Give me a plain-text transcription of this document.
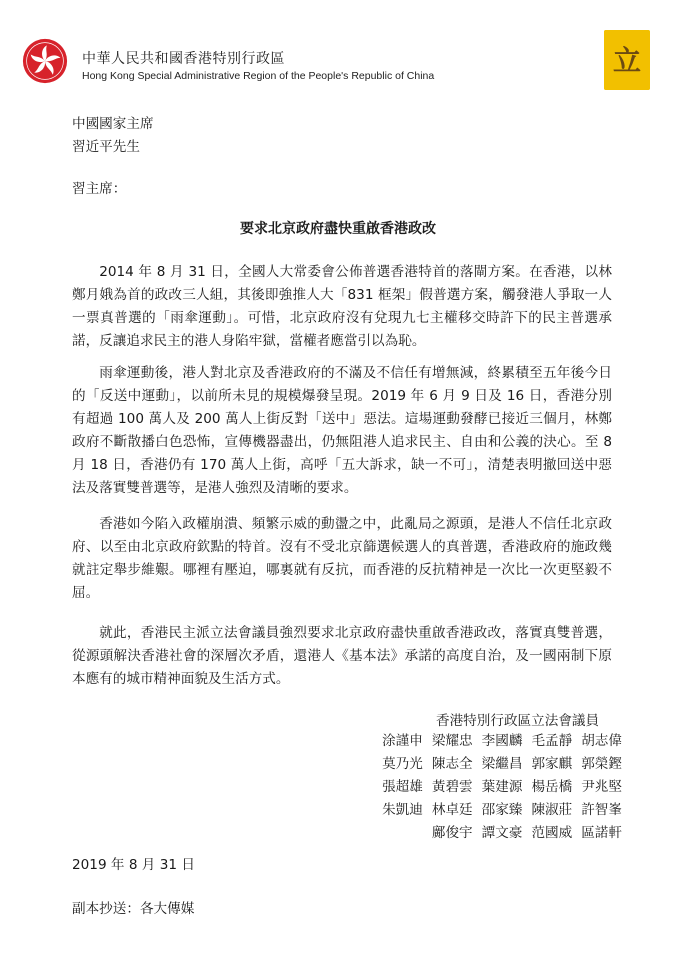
中華人民共和國香港特別行政區
Hong Kong Special Administrative Region of the People's Republic of China	立
中國國家主席
習近平先生
習主席：
要求北京政府盡快重啟香港政改
2014 年 8 月 31 日，全國人大常委會公佈普選香港特首的落閘方案。在香港，以林鄭月娥為首的政改三人組，其後即強推人大「831 框架」假普選方案，觸發港人爭取一人一票真普選的「雨傘運動」。可惜，北京政府沒有兌現九七主權移交時許下的民主普選承諾，反讓追求民主的港人身陷牢獄，當權者應當引以為恥。
雨傘運動後，港人對北京及香港政府的不滿及不信任有增無減，終累積至五年後今日的「反送中運動」，以前所未見的規模爆發呈現。2019 年 6 月 9 日及 16 日，香港分別有超過 100 萬人及 200 萬人上街反對「送中」惡法。這場運動發酵已接近三個月，林鄭政府不斷散播白色恐怖，宣傳機器盡出，仍無阻港人追求民主、自由和公義的決心。至 8 月 18 日，香港仍有 170 萬人上街，高呼「五大訴求，缺一不可」，清楚表明撤回送中惡法及落實雙普選等，是港人強烈及清晰的要求。
香港如今陷入政權崩潰、頻繁示威的動盪之中，此亂局之源頭，是港人不信任北京政府、以至由北京政府欽點的特首。沒有不受北京篩選候選人的真普選，香港政府的施政幾就註定舉步維艱。哪裡有壓迫，哪裏就有反抗，而香港的反抗精神是一次比一次更堅毅不屈。
就此，香港民主派立法會議員強烈要求北京政府盡快重啟香港政改，落實真雙普選，從源頭解決香港社會的深層次矛盾，還港人《基本法》承諾的高度自治，及一國兩制下原本應有的城市精神面貌及生活方式。
香港特別行政區立法會議員
涂謹申 梁耀忠 李國麟 毛孟靜 胡志偉
莫乃光 陳志全 梁繼昌 郭家麒 郭榮鏗
張超雄 黃碧雲 葉建源 楊岳橋 尹兆堅
朱凱迪 林卓廷 邵家臻 陳淑莊 許智峯
鄺俊宇 譚文豪 范國威 區諾軒
2019 年 8 月 31 日
副本抄送：各大傳媒
